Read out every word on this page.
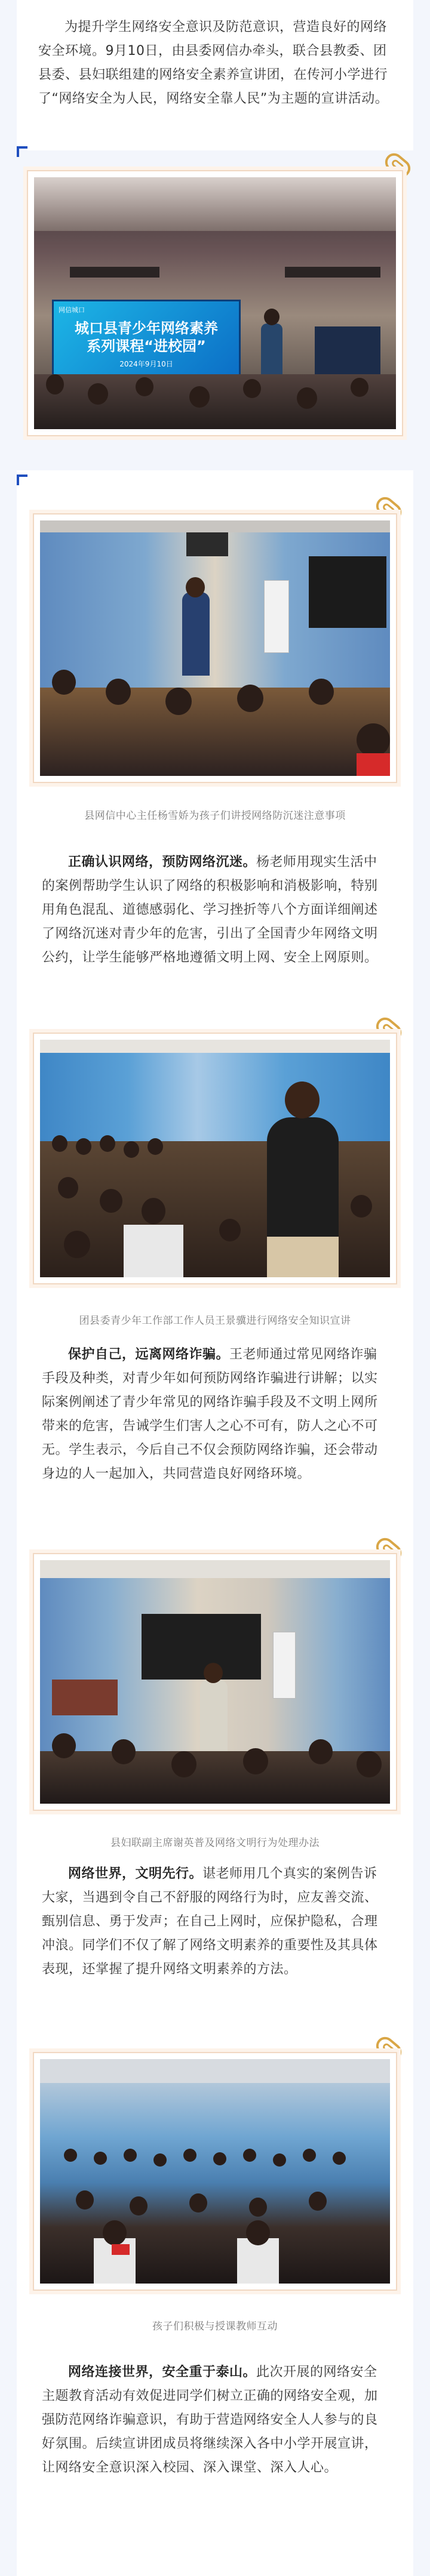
为提升学生网络安全意识及防范意识，营造良好的网络安全环境。9月10日，由县委网信办牵头，联合县教委、团县委、县妇联组建的网络安全素养宣讲团，在传河小学进行了“网络安全为人民，网络安全靠人民”为主题的宣讲活动。

网信城口
城口县青少年网络素养
系列课程“进校园”
2024年9月10日
县网信中心主任杨雪娇为孩子们讲授网络防沉迷注意事项

正确认识网络，预防网络沉迷。杨老师用现实生活中的案例帮助学生认识了网络的积极影响和消极影响，特别用角色混乱、道德感弱化、学习挫折等八个方面详细阐述了网络沉迷对青少年的危害，引出了全国青少年网络文明公约，让学生能够严格地遵循文明上网、安全上网原则。

团县委青少年工作部工作人员王景骥进行网络安全知识宣讲

保护自己，远离网络诈骗。王老师通过常见网络诈骗手段及种类，对青少年如何预防网络诈骗进行讲解；以实际案例阐述了青少年常见的网络诈骗手段及不文明上网所带来的危害，告诫学生们害人之心不可有，防人之心不可无。学生表示，今后自己不仅会预防网络诈骗，还会带动身边的人一起加入，共同营造良好网络环境。

县妇联副主席谢英普及网络文明行为处理办法

网络世界，文明先行。谌老师用几个真实的案例告诉大家，当遇到令自己不舒服的网络行为时，应友善交流、甄别信息、勇于发声；在自己上网时，应保护隐私，合理冲浪。同学们不仅了解了网络文明素养的重要性及其具体表现，还掌握了提升网络文明素养的方法。

孩子们积极与授课教师互动

网络连接世界，安全重于泰山。此次开展的网络安全主题教育活动有效促进同学们树立正确的网络安全观，加强防范网络诈骗意识，有助于营造网络安全人人参与的良好氛围。后续宣讲团成员将继续深入各中小学开展宣讲，让网络安全意识深入校园、深入课堂、深入人心。
